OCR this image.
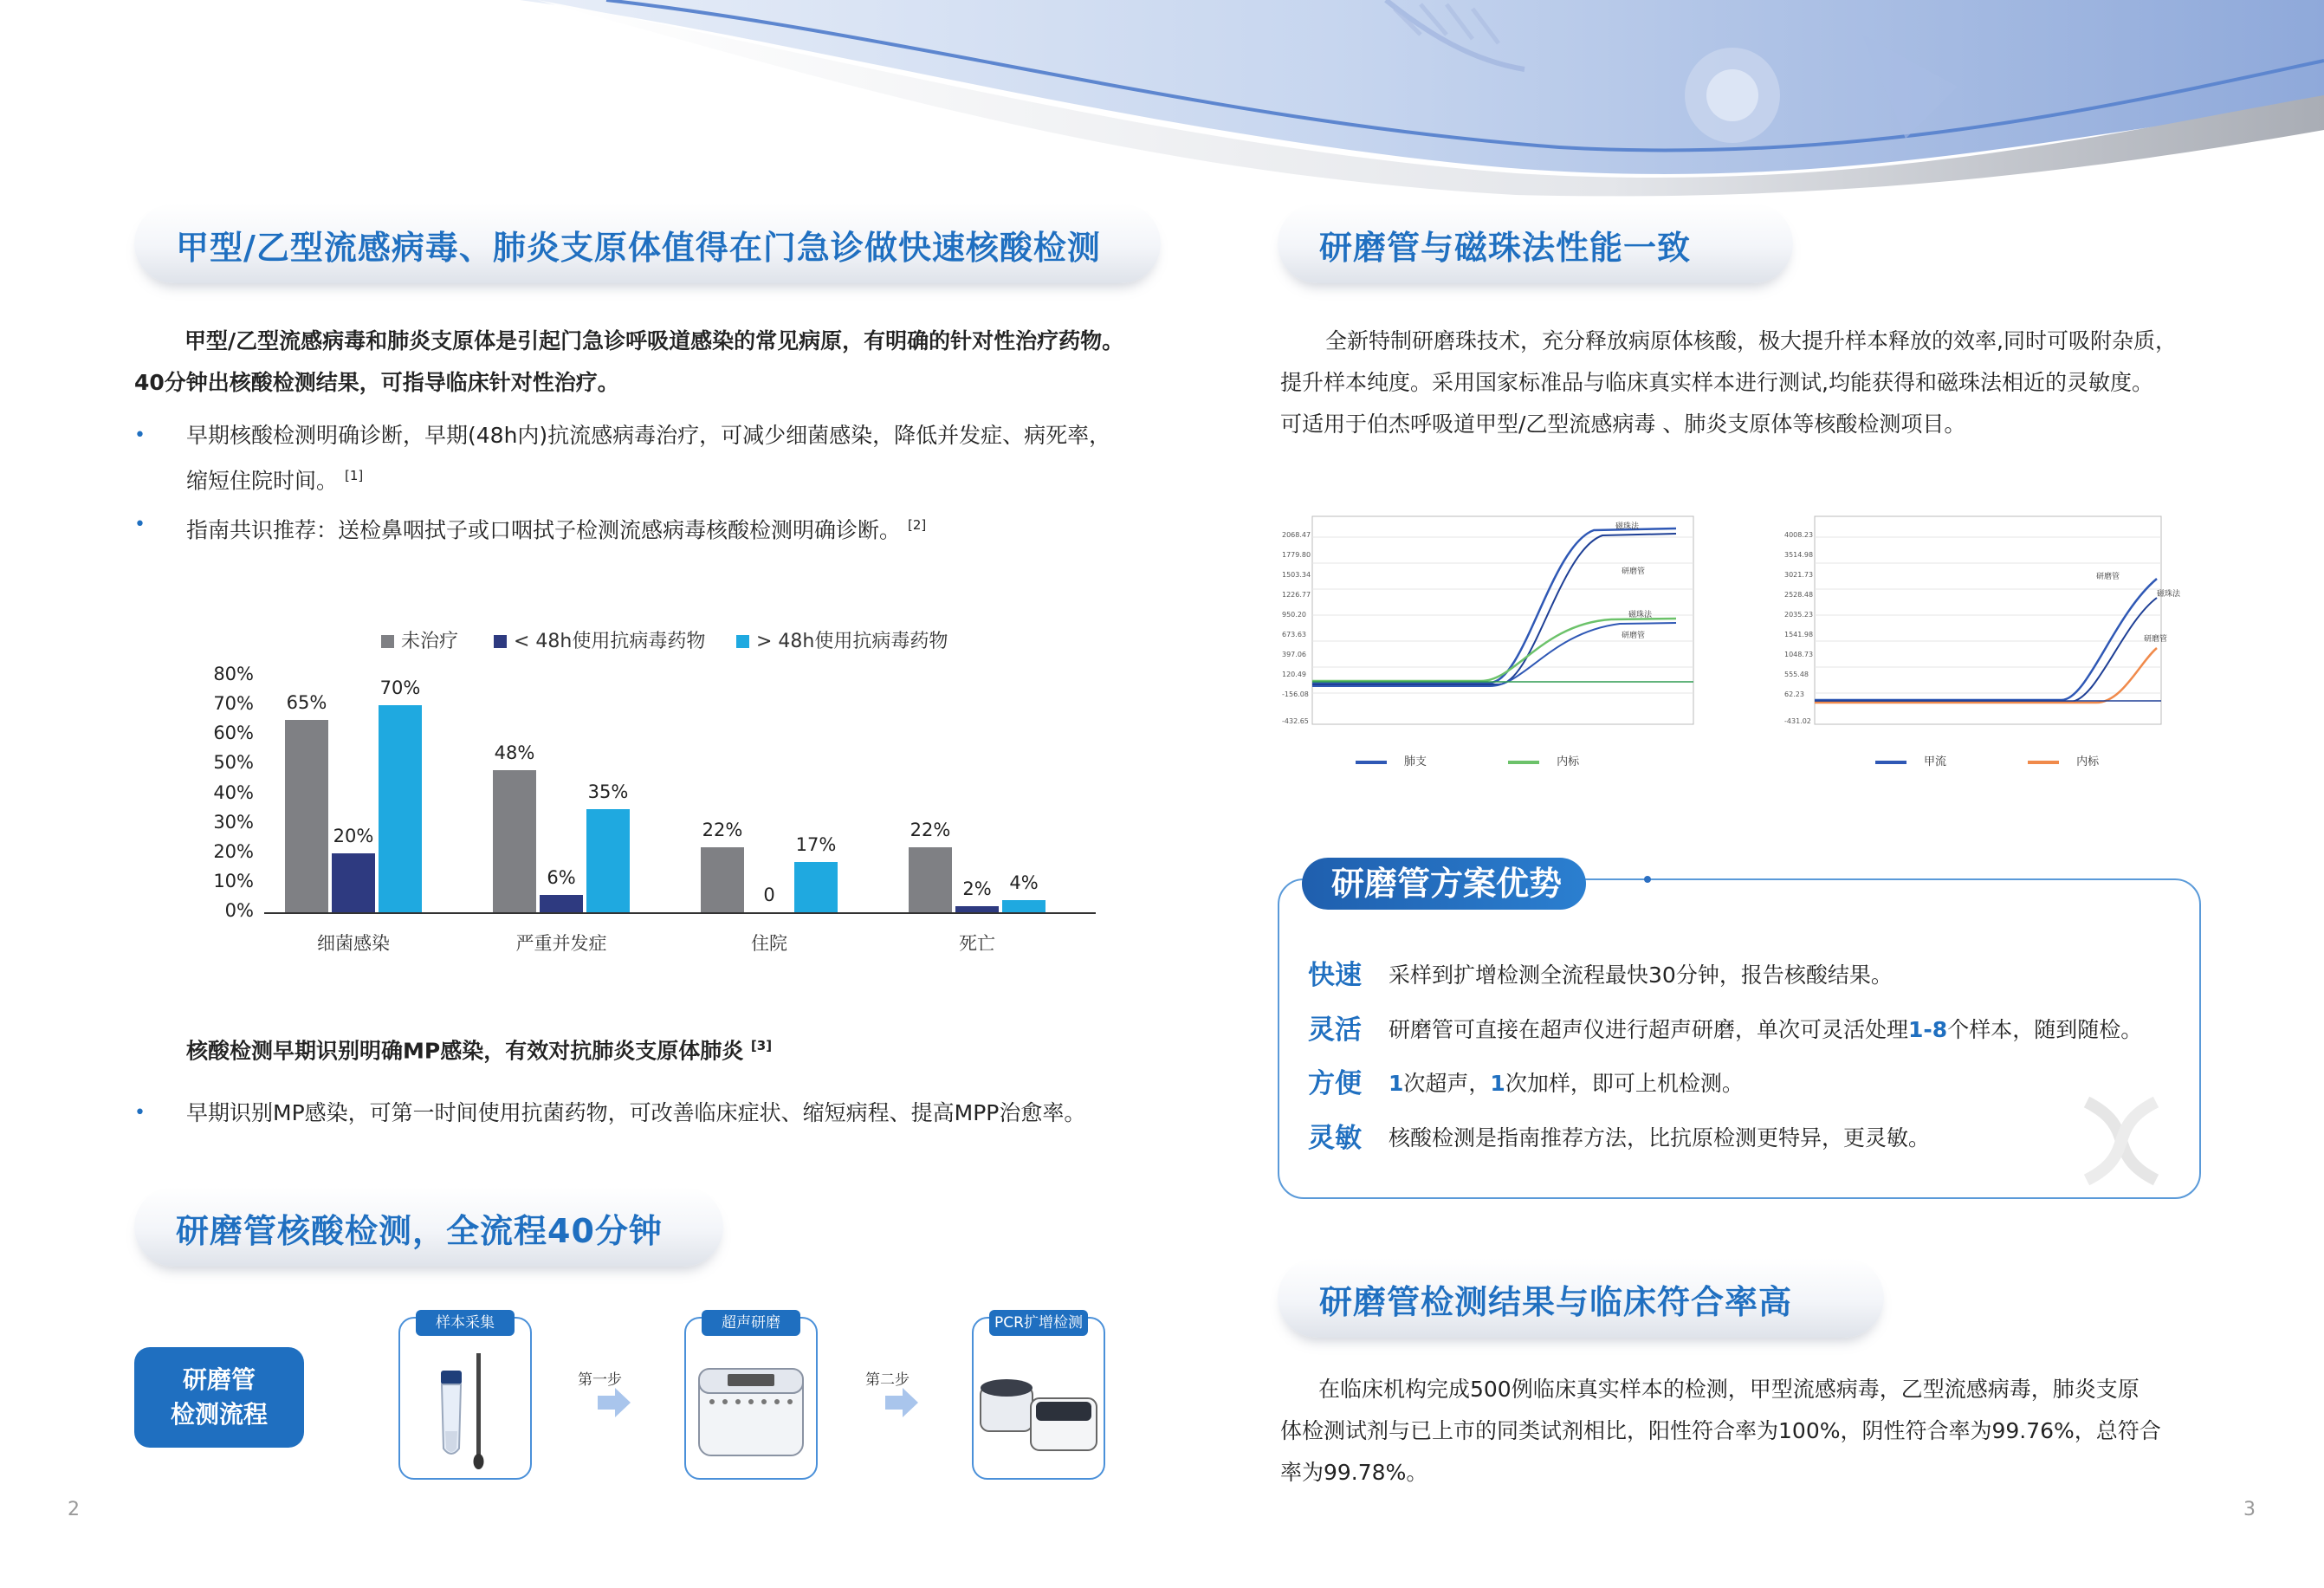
甲型/乙型流感病毒、肺炎支原体值得在门急诊做快速核酸检测
甲型/乙型流感病毒和肺炎支原体是引起门急诊呼吸道感染的常见病原，有明确的针对性治疗药物。
40分钟出核酸检测结果，可指导临床针对性治疗。
• 早期核酸检测明确诊断，早期(48h内)抗流感病毒治疗，可减少细菌感染，降低并发症、病死率，
缩短住院时间。 [1]
• 指南共识推荐：送检鼻咽拭子或口咽拭子检测流感病毒核酸检测明确诊断。 [2]
0%
10%
20%
30%
40%
50%
60%
70%
80%
未治疗	< 48h使用抗病毒药物	> 48h使用抗病毒药物
65%
20%
70%
细菌感染
48%
6%
35%
严重并发症
22%
0
17%
住院
22%
2% 4%
死亡
核酸检测早期识别明确MP感染，有效对抗肺炎支原体肺炎 [3]
• 早期识别MP感染，可第一时间使用抗菌药物，可改善临床症状、缩短病程、提高MPP治愈率。
研磨管核酸检测，全流程40分钟
研磨管
检测流程
样本采集
第一步
超声研磨
第二步
PCR扩增检测
2
研磨管与磁珠法性能一致
全新特制研磨珠技术，充分释放病原体核酸，极大提升样本释放的效率,同时可吸附杂质，
提升样本纯度。采用国家标准品与临床真实样本进行测试,均能获得和磁珠法相近的灵敏度。
可适用于伯杰呼吸道甲型/乙型流感病毒 、肺炎支原体等核酸检测项目。
2068.47
1779.80
1503.34
1226.77
950.20
673.63
397.06
120.49
-156.08
-432.65
磁珠法
研磨管
磁珠法
研磨管
肺支	内标
4008.23
3514.98
3021.73
2528.48
2035.23
1541.98
1048.73
555.48
62.23
-431.02
研磨管
磁珠法
研磨管
甲流	内标
研磨管方案优势
快速 采样到扩增检测全流程最快30分钟，报告核酸结果。
灵活 研磨管可直接在超声仪进行超声研磨，单次可灵活处理1-8个样本，随到随检。
方便 1次超声，1次加样，即可上机检测。
灵敏 核酸检测是指南推荐方法，比抗原检测更特异，更灵敏。
研磨管检测结果与临床符合率高
在临床机构完成500例临床真实样本的检测，甲型流感病毒，乙型流感病毒，肺炎支原
体检测试剂与已上市的同类试剂相比，阳性符合率为100%，阴性符合率为99.76%，总符合
率为99.78%。
3
